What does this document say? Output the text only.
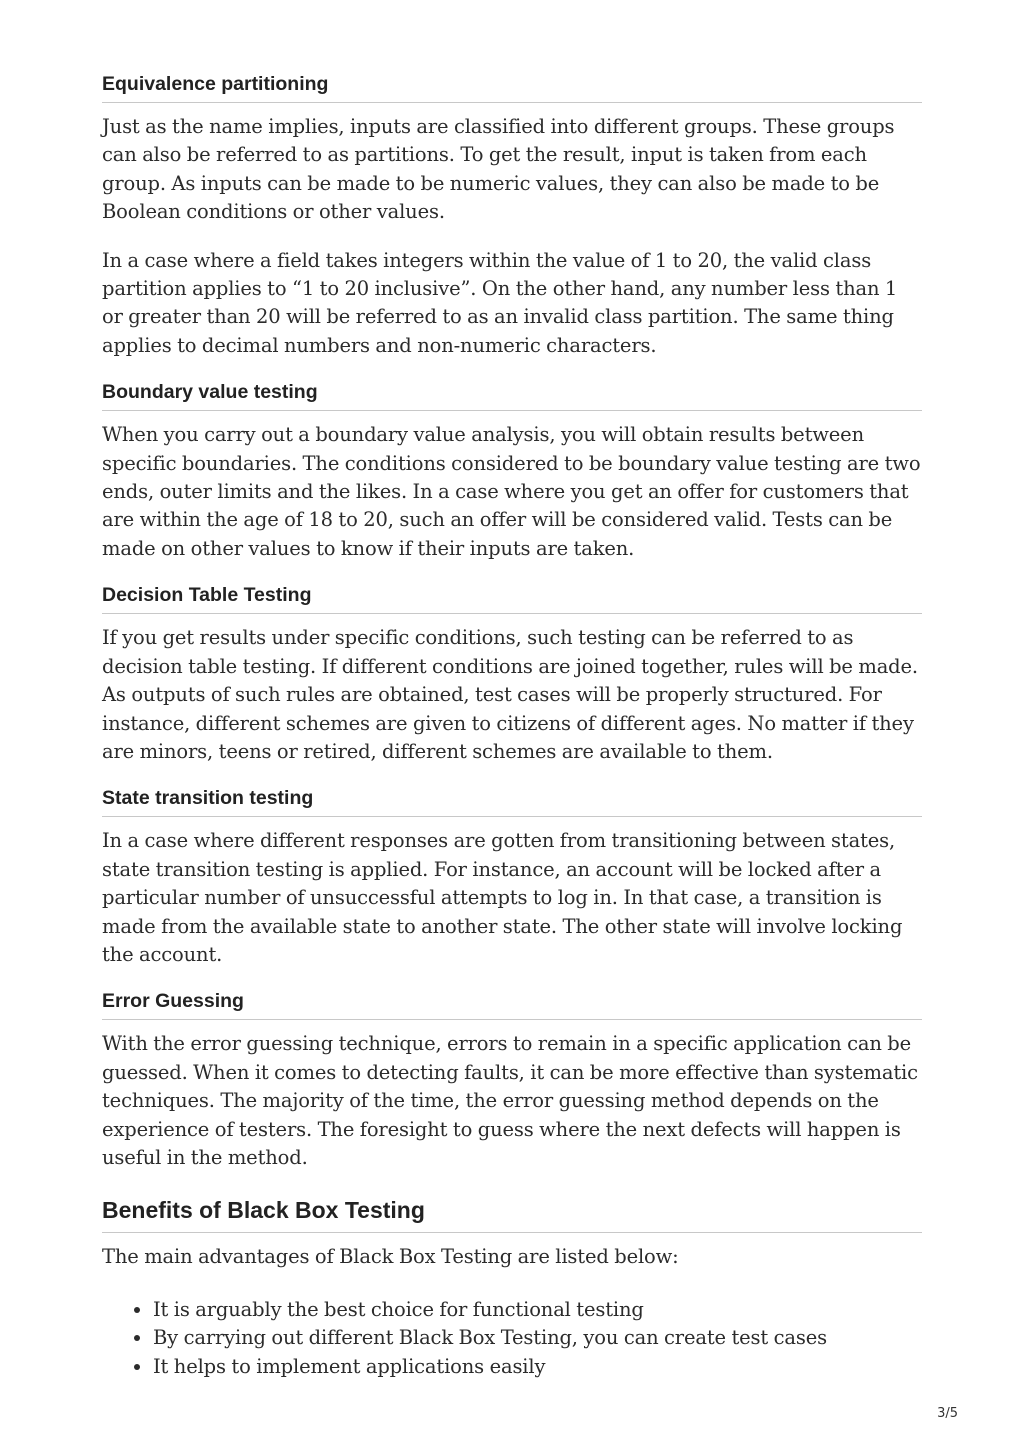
Equivalence partitioning

Just as the name implies, inputs are classified into different groups. These groups can also be referred to as partitions. To get the result, input is taken from each group. As inputs can be made to be numeric values, they can also be made to be Boolean conditions or other values.

In a case where a field takes integers within the value of 1 to 20, the valid class partition applies to “1 to 20 inclusive”. On the other hand, any number less than 1 or greater than 20 will be referred to as an invalid class partition. The same thing applies to decimal numbers and non-numeric characters.

Boundary value testing

When you carry out a boundary value analysis, you will obtain results between specific boundaries. The conditions considered to be boundary value testing are two ends, outer limits and the likes. In a case where you get an offer for customers that are within the age of 18 to 20, such an offer will be considered valid. Tests can be made on other values to know if their inputs are taken.

Decision Table Testing

If you get results under specific conditions, such testing can be referred to as decision table testing. If different conditions are joined together, rules will be made. As outputs of such rules are obtained, test cases will be properly structured. For instance, different schemes are given to citizens of different ages. No matter if they are minors, teens or retired, different schemes are available to them.

State transition testing

In a case where different responses are gotten from transitioning between states, state transition testing is applied. For instance, an account will be locked after a particular number of unsuccessful attempts to log in. In that case, a transition is made from the available state to another state. The other state will involve locking the account.

Error Guessing

With the error guessing technique, errors to remain in a specific application can be guessed. When it comes to detecting faults, it can be more effective than systematic techniques. The majority of the time, the error guessing method depends on the experience of testers. The foresight to guess where the next defects will happen is useful in the method.

Benefits of Black Box Testing

The main advantages of Black Box Testing are listed below:

• It is arguably the best choice for functional testing
• By carrying out different Black Box Testing, you can create test cases
• It helps to implement applications easily
3/5
